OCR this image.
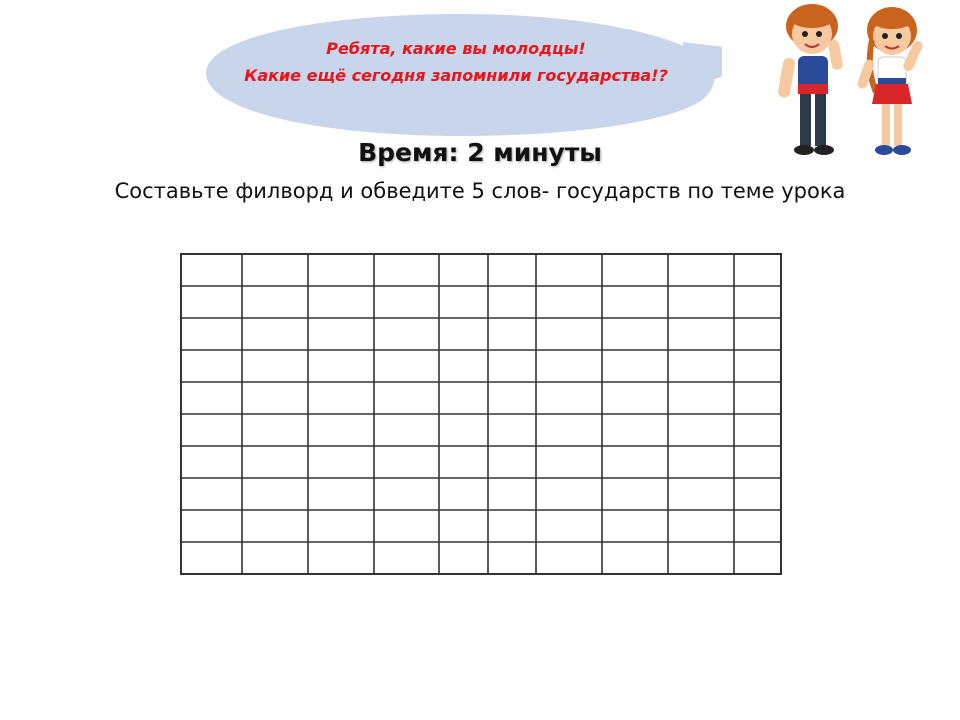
Ребята, какие вы молодцы!
Какие ещё сегодня запомнили государства!?
Время: 2 минуты
Составьте филворд и обведите 5 слов- государств по теме урока
